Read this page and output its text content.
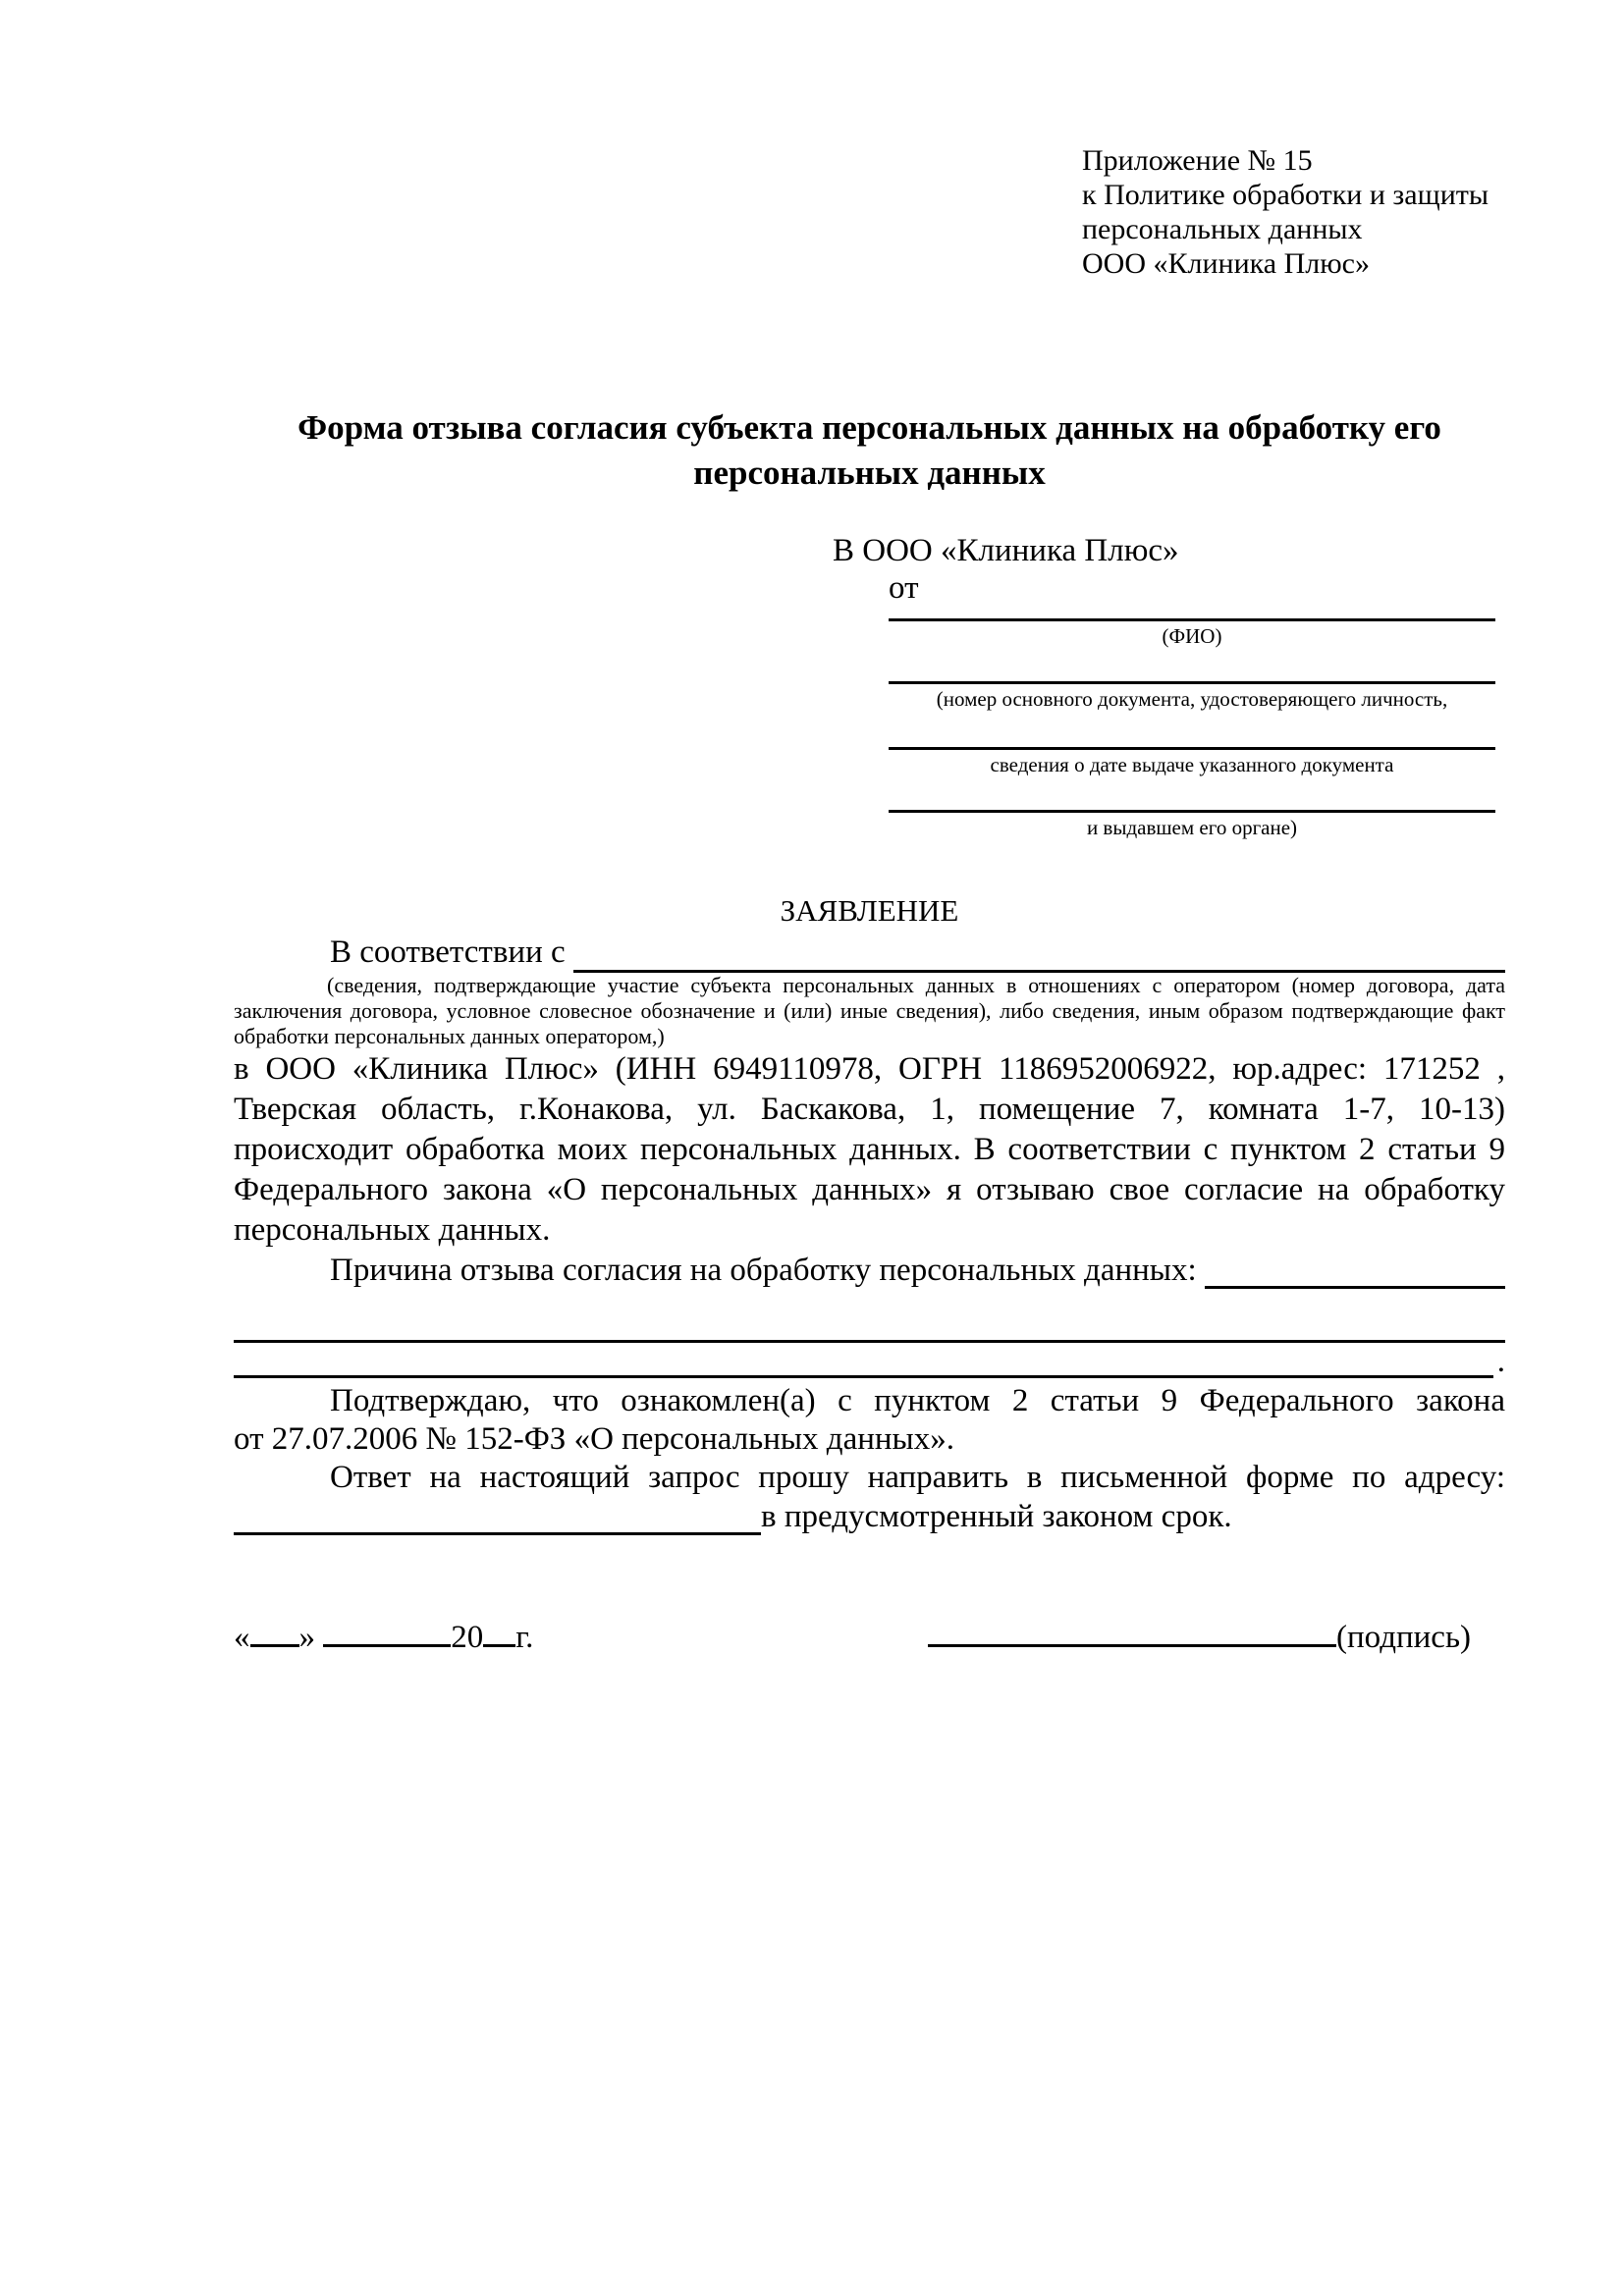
Приложение № 15
к Политике обработки и защиты
персональных данных
ООО «Клиника Плюс»
Форма отзыва согласия субъекта персональных данных на обработку его персональных данных
В ООО «Клиника Плюс»
от
(ФИО)
(номер основного документа, удостоверяющего личность,
сведения о дате выдаче указанного документа
и выдавшем его органе)
ЗАЯВЛЕНИЕ
В соответствии с
(сведения, подтверждающие участие субъекта персональных данных в отношениях с оператором (номер договора, дата заключения договора, условное словесное обозначение и (или) иные сведения), либо сведения, иным образом подтверждающие факт обработки персональных данных оператором,)
в ООО «Клиника Плюс» (ИНН 6949110978, ОГРН 1186952006922, юр.адрес: 171252 , Тверская область, г.Конакова, ул. Баскакова, 1, помещение 7, комната 1-7, 10-13) происходит обработка моих персональных данных. В соответствии с пунктом 2 статьи 9 Федерального закона «О персональных данных» я отзываю свое согласие на обработку персональных данных.
Причина отзыва согласия на обработку персональных данных:
.
Подтверждаю, что ознакомлен(а) с пунктом 2 статьи 9 Федерального закона от 27.07.2006 № 152-ФЗ «О персональных данных».
Ответ на настоящий запрос прошу направить в письменной форме по адресу:
в предусмотренный законом срок.
« »	20 г.	(подпись)
